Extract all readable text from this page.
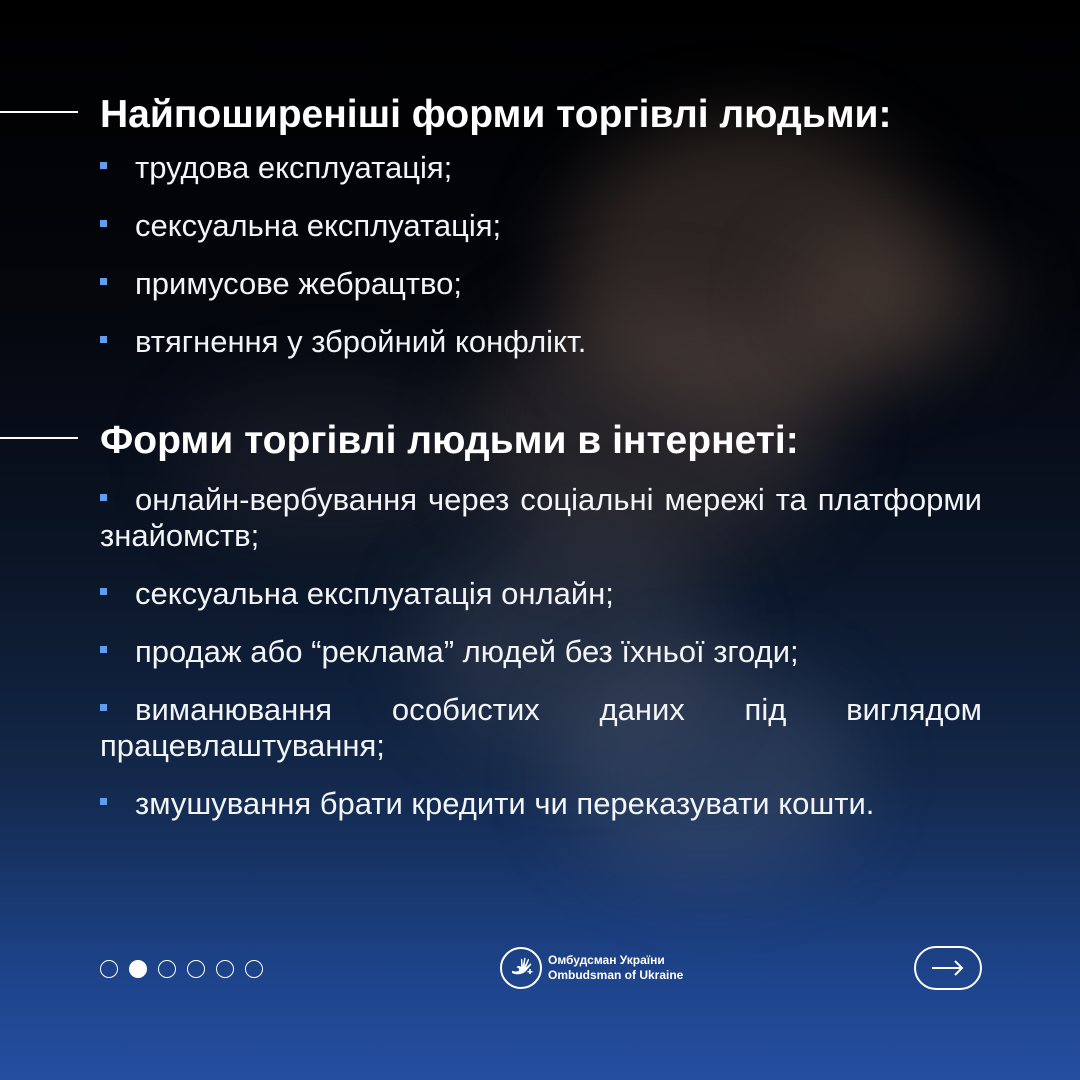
Найпоширеніші форми торгівлі людьми:
трудова експлуатація;
сексуальна експлуатація;
примусове жебрацтво;
втягнення у збройний конфлікт.
Форми торгівлі людьми в інтернеті:
онлайн-вербування через соціальні мережі та платформи знайомств;
сексуальна експлуатація онлайн;
продаж або “реклама” людей без їхньої згоди;
виманювання особистих даних під виглядом працевлаштування;
змушування брати кредити чи переказувати кошти.
Омбудсман України
Ombudsman of Ukraine
